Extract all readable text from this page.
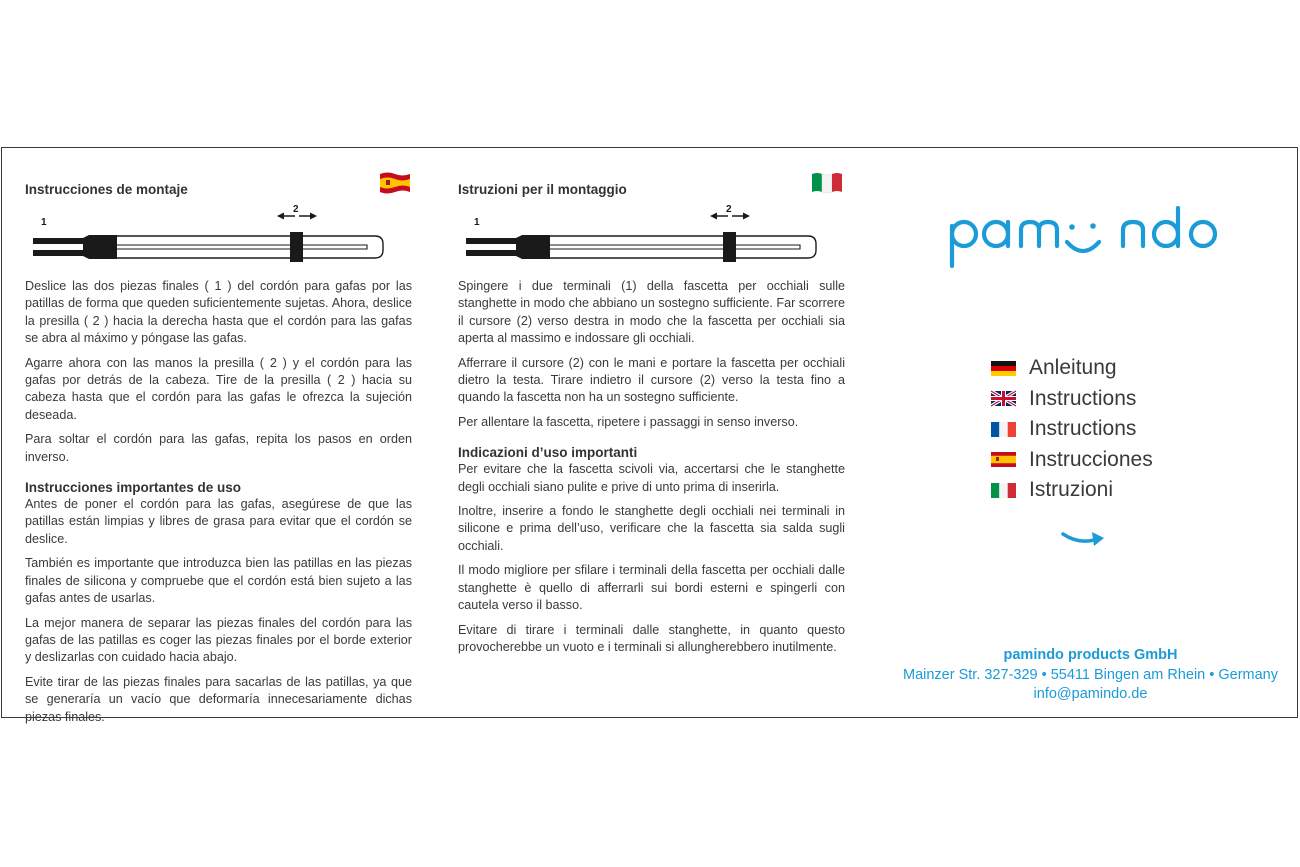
Instrucciones de montaje
1
2

Deslice las dos piezas finales ( 1 ) del cordón para gafas por las patillas de forma que queden suficientemente sujetas. Ahora, deslice la presilla ( 2 ) hacia la derecha hasta que el cordón para las gafas se abra al máximo y póngase las gafas.

Agarre ahora con las manos la presilla ( 2 ) y el cordón para las gafas por detrás de la cabeza. Tire de la presilla ( 2 ) hacia su cabeza hasta que el cordón para las gafas le ofrezca la sujeción deseada.

Para soltar el cordón para las gafas, repita los pasos en orden inverso.

Instrucciones importantes de uso

Antes de poner el cordón para las gafas, asegúrese de que las patillas están limpias y libres de grasa para evitar que el cordón se deslice.

También es importante que introduzca bien las patillas en las piezas finales de silicona y compruebe que el cordón está bien sujeto a las gafas antes de usarlas.

La mejor manera de separar las piezas finales del cordón para las gafas de las patillas es coger las piezas finales por el borde exterior y deslizarlas con cuidado hacia abajo.

Evite tirar de las piezas finales para sacarlas de las patillas, ya que se generaría un vacío que deformaría innecesariamente dichas piezas finales.

Istruzioni per il montaggio
1
2

Spingere i due terminali (1) della fascetta per occhiali sulle stanghette in modo che abbiano un sostegno sufficiente. Far scorrere il cursore (2) verso destra in modo che la fascetta per occhiali sia aperta al massimo e indossare gli occhiali.

Afferrare il cursore (2) con le mani e portare la fascetta per occhiali dietro la testa. Tirare indietro il cursore (2) verso la testa fino a quando la fascetta non ha un sostegno sufficiente.

Per allentare la fascetta, ripetere i passaggi in senso inverso.

Indicazioni d’uso importanti

Per evitare che la fascetta scivoli via, accertarsi che le stanghette degli occhiali siano pulite e prive di unto prima di inserirla.

Inoltre, inserire a fondo le stanghette degli occhiali nei terminali in silicone e prima dell’uso, verificare che la fascetta sia salda sugli occhiali.

Il modo migliore per sfilare i terminali della fascetta per occhiali dalle stanghette è quello di afferrarli sui bordi esterni e spingerli con cautela verso il basso.

Evitare di tirare i terminali dalle stanghette, in quanto questo provocherebbe un vuoto e i terminali si allungherebbero inutilmente.

Anleitung
Instructions
Instructions
Instrucciones
Istruzioni
pamindo products GmbH
Mainzer Str. 327-329 • 55411 Bingen am Rhein • Germany
info@pamindo.de
